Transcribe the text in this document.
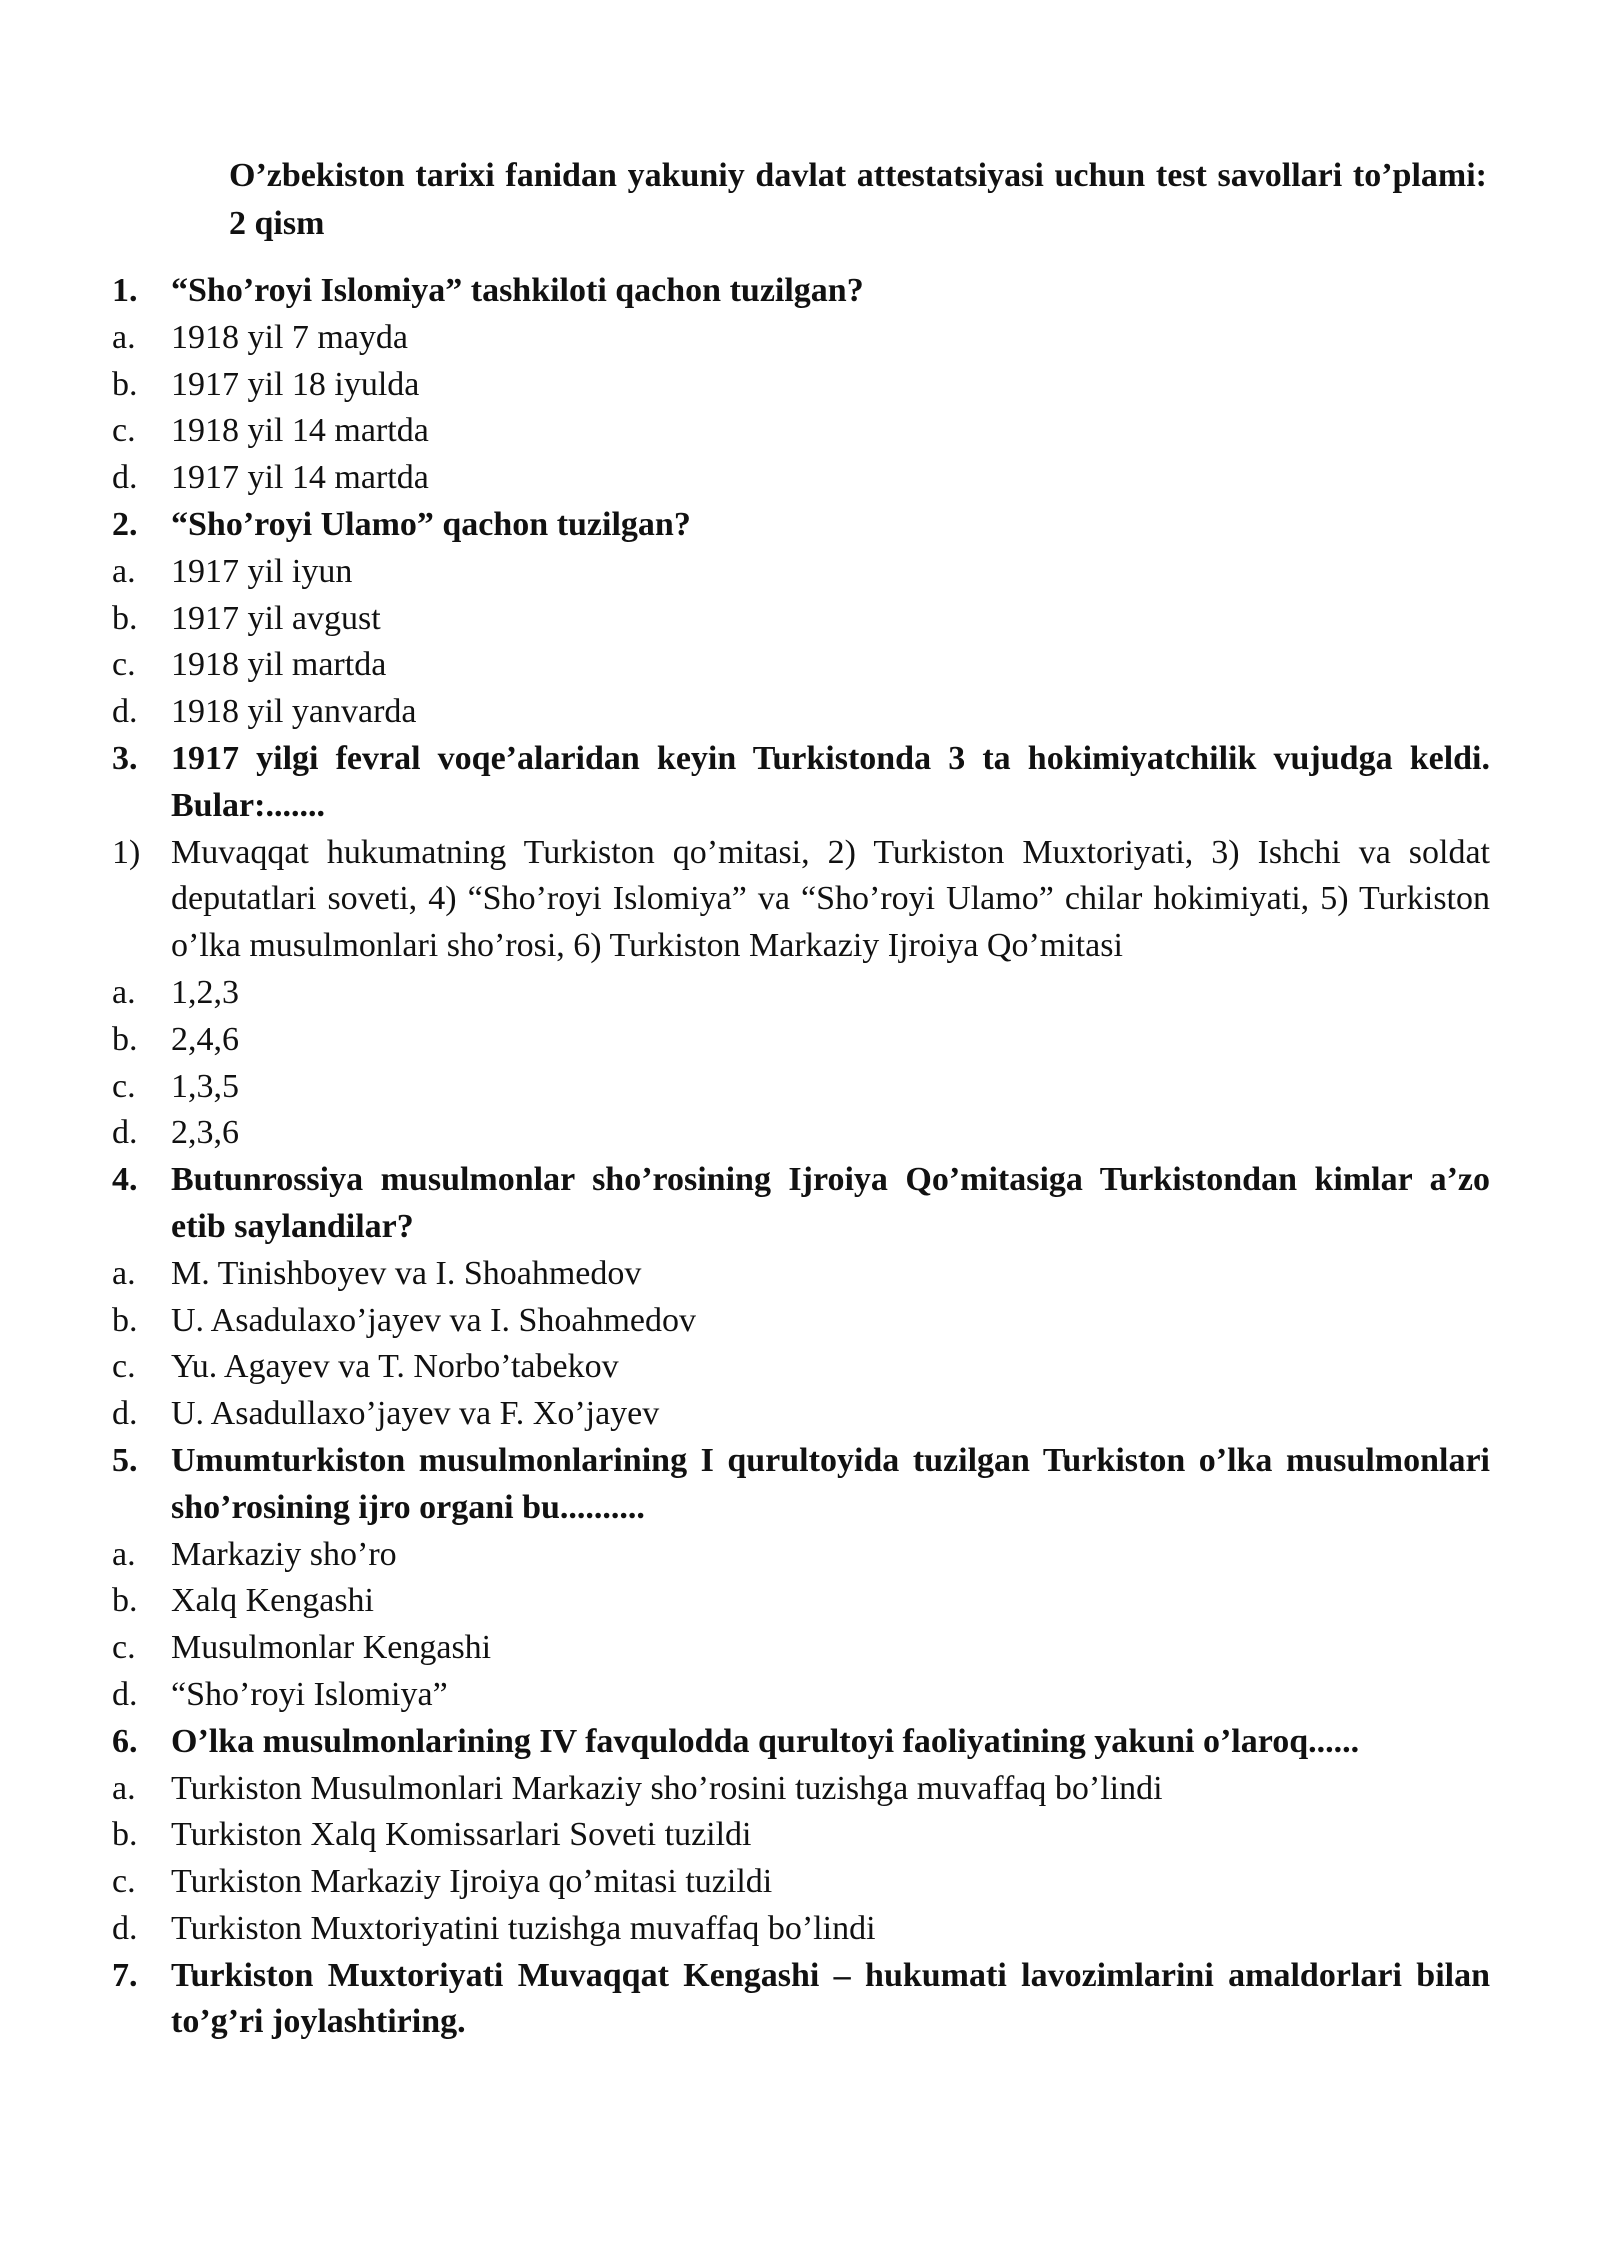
O’zbekiston tarixi fanidan yakuniy davlat attestatsiyasi uchun test savollari to’plami: 2 qism
1. “Sho’royi Islomiya” tashkiloti qachon tuzilgan?
a.	1918 yil 7 mayda
b. 1917 yil 18 iyulda
c.	1918 yil 14 martda
d. 1917 yil 14 martda
2. “Sho’royi Ulamo” qachon tuzilgan?
a.	1917 yil iyun
b. 1917 yil avgust
c.	1918 yil martda
d. 1918 yil yanvarda
3. 1917 yilgi fevral voqe’alaridan keyin Turkistonda 3 ta hokimiyatchilik vujudga keldi. Bular:.......
1) Muvaqqat hukumatning Turkiston qo’mitasi, 2) Turkiston Muxtoriyati, 3) Ishchi va soldat deputatlari soveti, 4) “Sho’royi Islomiya” va “Sho’royi Ulamo” chilar hokimiyati, 5) Turkiston o’lka musulmonlari sho’rosi, 6) Turkiston Markaziy Ijroiya Qo’mitasi
a.	1,2,3
b. 2,4,6
c.	1,3,5
d. 2,3,6
4. Butunrossiya musulmonlar sho’rosining Ijroiya Qo’mitasiga Turkistondan kimlar a’zo etib saylandilar?
a.	M. Tinishboyev va I. Shoahmedov
b. U. Asadulaxo’jayev va I. Shoahmedov
c.	Yu. Agayev va T. Norbo’tabekov
d. U. Asadullaxo’jayev va F. Xo’jayev
5. Umumturkiston musulmonlarining I qurultoyida tuzilgan Turkiston o’lka musulmonlari sho’rosining ijro organi bu..........
a.	Markaziy sho’ro
b. Xalq Kengashi
c.	Musulmonlar Kengashi
d. “Sho’royi Islomiya”
6. O’lka musulmonlarining IV favqulodda qurultoyi faoliyatining yakuni o’laroq......
a.	Turkiston Musulmonlari Markaziy sho’rosini tuzishga muvaffaq bo’lindi
b. Turkiston Xalq Komissarlari Soveti tuzildi
c.	Turkiston Markaziy Ijroiya qo’mitasi tuzildi
d. Turkiston Muxtoriyatini tuzishga muvaffaq bo’lindi
7. Turkiston Muxtoriyati Muvaqqat Kengashi – hukumati lavozimlarini amaldorlari bilan to’g’ri joylashtiring.
